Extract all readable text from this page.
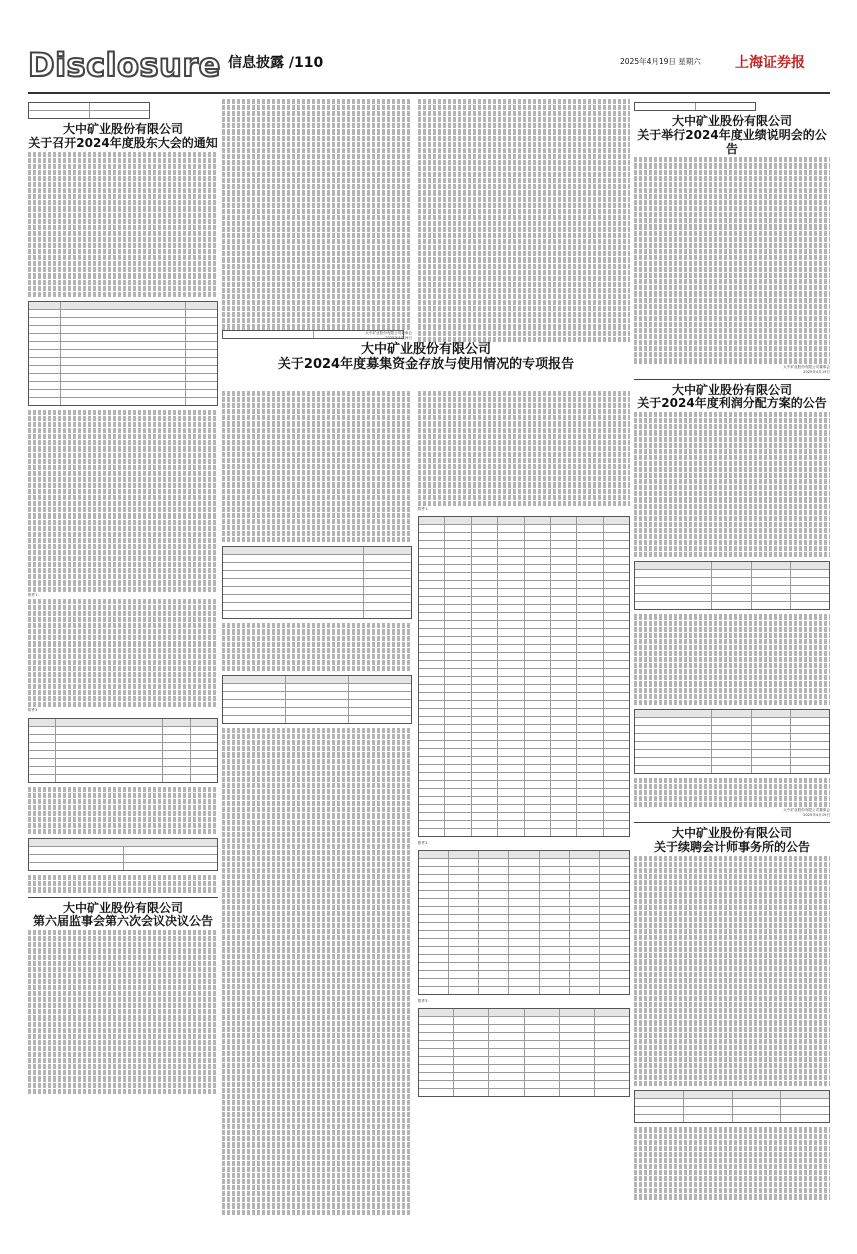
Disclosure 信息披露 /110	2025年4月19日 星期六 上海证券报
大中矿业股份有限公司
关于召开2024年度股东大会的通知
附件1：
附件2：
大中矿业股份有限公司
第六届监事会第六次会议决议公告
大中矿业股份有限公司董事会
2025年4月19日
大中矿业股份有限公司
关于2024年度募集资金存放与使用情况的专项报告
附件1：
附件2：
附件3：
大中矿业股份有限公司
关于举行2024年度业绩说明会的公告
大中矿业股份有限公司董事会
2025年4月19日
大中矿业股份有限公司
关于2024年度利润分配方案的公告
大中矿业股份有限公司董事会
2025年4月19日
大中矿业股份有限公司
关于续聘会计师事务所的公告
